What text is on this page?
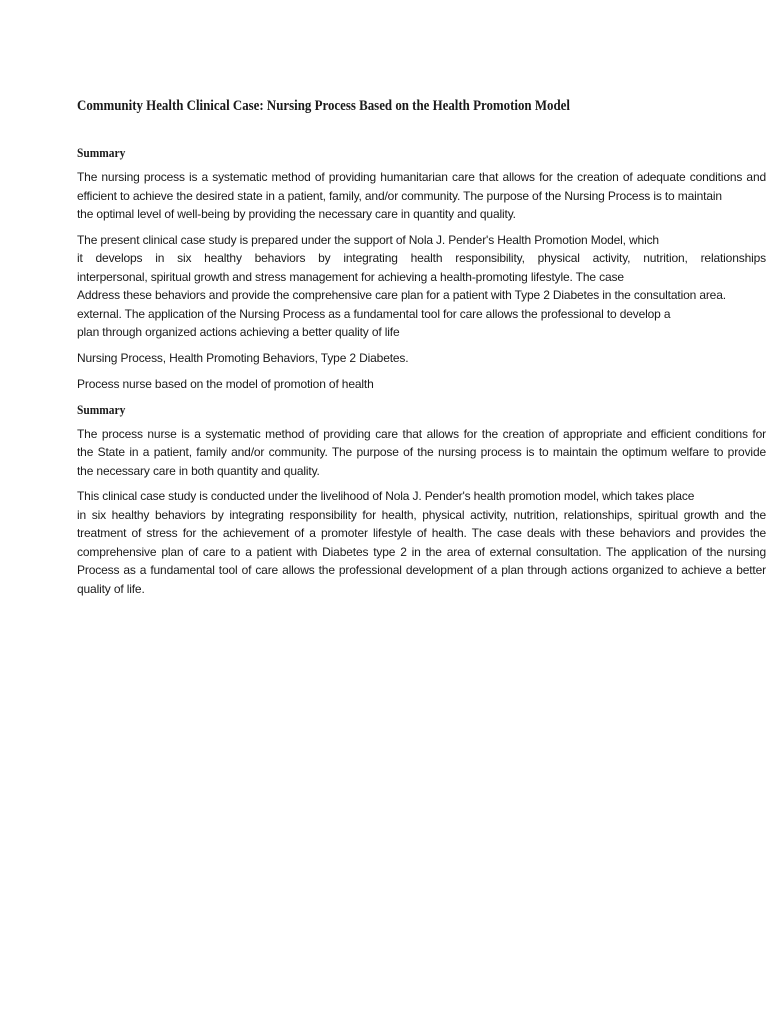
Community Health Clinical Case: Nursing Process Based on the Health Promotion Model
Summary

The nursing process is a systematic method of providing humanitarian care that allows for the creation of adequate conditions and
efficient to achieve the desired state in a patient, family, and/or community. The purpose of the Nursing Process is to maintain
the optimal level of well-being by providing the necessary care in quantity and quality.

The present clinical case study is prepared under the support of Nola J. Pender's Health Promotion Model, which
it develops in six healthy behaviors by integrating health responsibility, physical activity, nutrition, relationships
interpersonal, spiritual growth and stress management for achieving a health-promoting lifestyle. The case
Address these behaviors and provide the comprehensive care plan for a patient with Type 2 Diabetes in the consultation area.
external. The application of the Nursing Process as a fundamental tool for care allows the professional to develop a
plan through organized actions achieving a better quality of life

Nursing Process, Health Promoting Behaviors, Type 2 Diabetes.

Process nurse based on the model of promotion of health

Summary

The process nurse is a systematic method of providing care that allows for the creation of appropriate and efficient conditions for
the State in a patient, family and/or community. The purpose of the nursing process is to maintain the optimum welfare to provide
the necessary care in both quantity and quality.

This clinical case study is conducted under the livelihood of Nola J. Pender's health promotion model, which takes place
in six healthy behaviors by integrating responsibility for health, physical activity, nutrition, relationships, spiritual growth and the
treatment of stress for the achievement of a promoter lifestyle of health. The case deals with these behaviors and provides the
comprehensive plan of care to a patient with Diabetes type 2 in the area of external consultation. The application of the nursing
Process as a fundamental tool of care allows the professional development of a plan through actions organized to achieve a better
quality of life.
